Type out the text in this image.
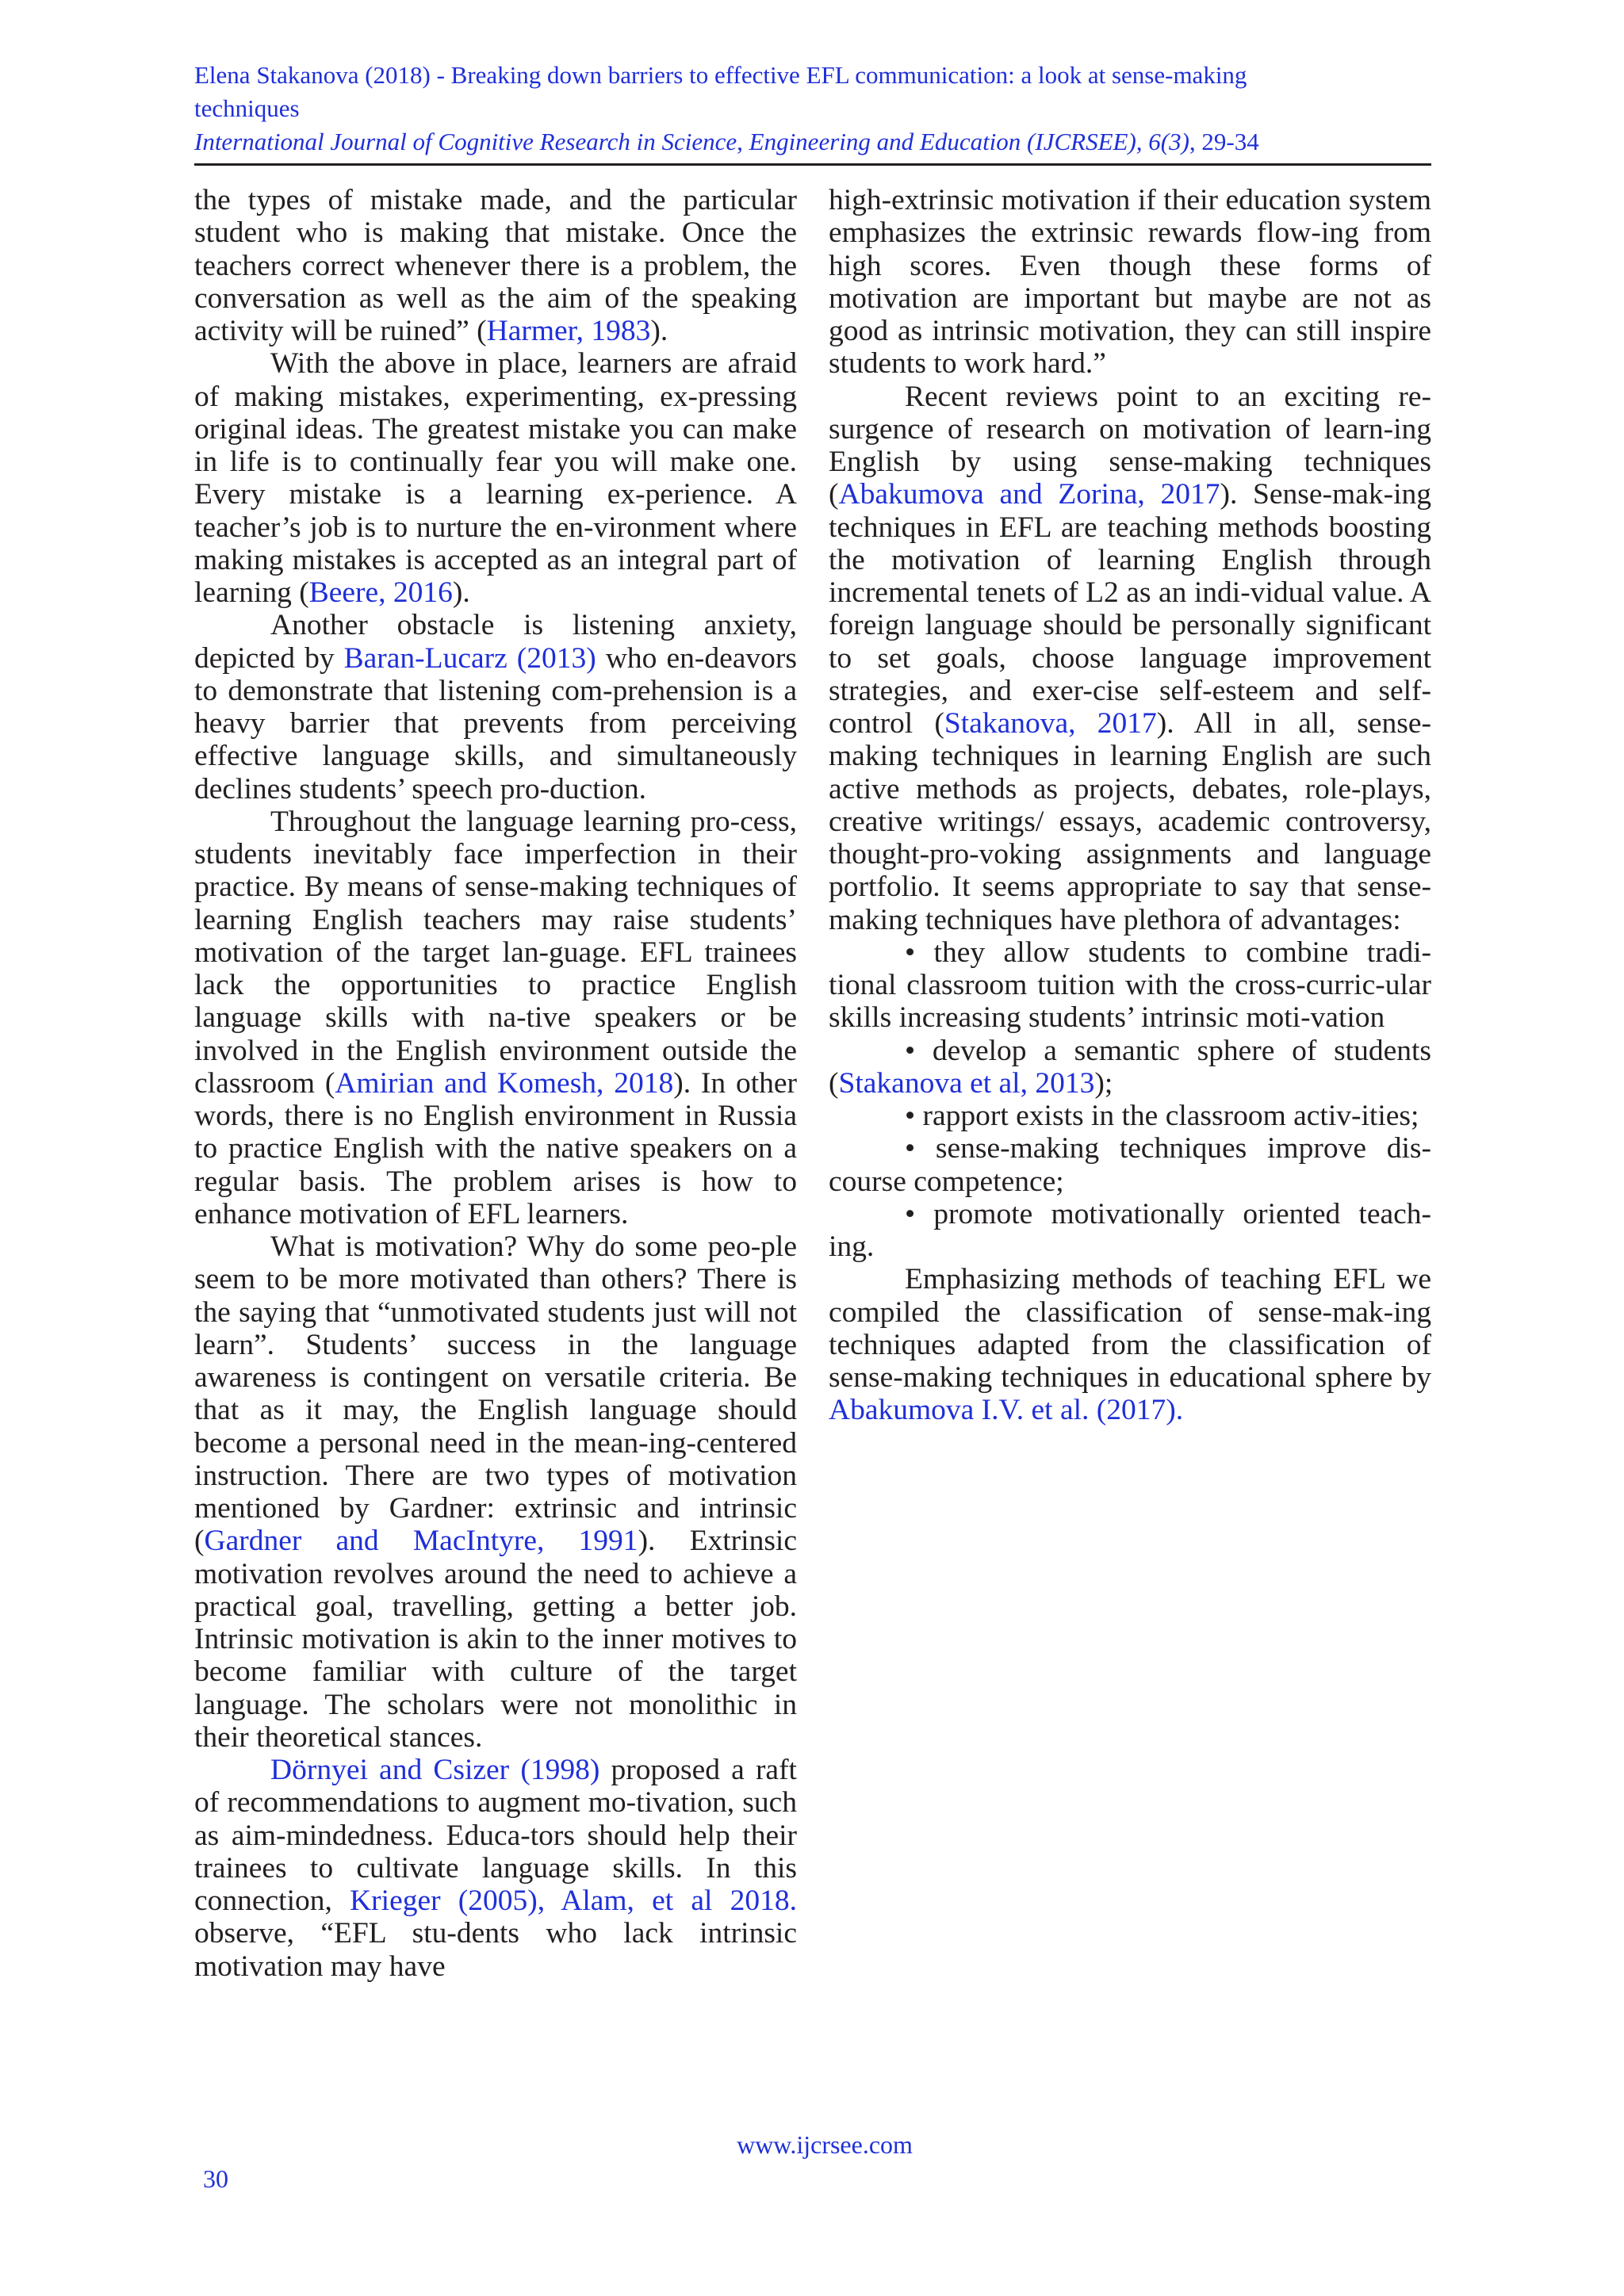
Elena Stakanova (2018) - Breaking down barriers to effective EFL communication: a look at sense-making
techniques
International Journal of Cognitive Research in Science, Engineering and Education (IJCRSEE), 6(3), 29-34

the types of mistake made, and the particular student who is making that mistake. Once the teachers correct whenever there is a problem, the conversation as well as the aim of the speaking activity will be ruined” (Harmer, 1983).

With the above in place, learners are afraid of making mistakes, experimenting, ex-pressing original ideas. The greatest mistake you can make in life is to continually fear you will make one. Every mistake is a learning ex-perience. A teacher’s job is to nurture the en-vironment where making mistakes is accepted as an integral part of learning (Beere, 2016).

Another obstacle is listening anxiety, depicted by Baran-Lucarz (2013) who en-deavors to demonstrate that listening com-prehension is a heavy barrier that prevents from perceiving effective language skills, and simultaneously declines students’ speech pro-duction.

Throughout the language learning pro-cess, students inevitably face imperfection in their practice. By means of sense-making techniques of learning English teachers may raise students’ motivation of the target lan-guage. EFL trainees lack the opportunities to practice English language skills with na-tive speakers or be involved in the English environment outside the classroom (Amirian and Komesh, 2018). In other words, there is no English environment in Russia to practice English with the native speakers on a regular basis. The problem arises is how to enhance motivation of EFL learners.

What is motivation? Why do some peo-ple seem to be more motivated than others? There is the saying that “unmotivated students just will not learn”. Students’ success in the language awareness is contingent on versatile criteria. Be that as it may, the English language should become a personal need in the mean-ing-centered instruction. There are two types of motivation mentioned by Gardner: extrinsic and intrinsic (Gardner and MacIntyre, 1991). Extrinsic motivation revolves around the need to achieve a practical goal, travelling, getting a better job. Intrinsic motivation is akin to the inner motives to become familiar with culture of the target language. The scholars were not monolithic in their theoretical stances.

Dörnyei and Csizer (1998) proposed a raft of recommendations to augment mo-tivation, such as aim-mindedness. Educa-tors should help their trainees to cultivate language skills. In this connection, Krieger (2005), Alam, et al 2018. observe, “EFL stu-dents who lack intrinsic motivation may have

high-extrinsic motivation if their education system emphasizes the extrinsic rewards flow-ing from high scores. Even though these forms of motivation are important but maybe are not as good as intrinsic motivation, they can still inspire students to work hard.”

Recent reviews point to an exciting re-surgence of research on motivation of learn-ing English by using sense-making techniques (Abakumova and Zorina, 2017). Sense-mak-ing techniques in EFL are teaching methods boosting the motivation of learning English through incremental tenets of L2 as an indi-vidual value. A foreign language should be personally significant to set goals, choose language improvement strategies, and exer-cise self-esteem and self-control (Stakanova, 2017). All in all, sense-making techniques in learning English are such active methods as projects, debates, role-plays, creative writings/ essays, academic controversy, thought-pro-voking assignments and language portfolio. It seems appropriate to say that sense-making techniques have plethora of advantages:

• they allow students to combine tradi-tional classroom tuition with the cross-curric-ular skills increasing students’ intrinsic moti-vation

• develop a semantic sphere of students (Stakanova et al, 2013);

• rapport exists in the classroom activ-ities;

• sense-making techniques improve dis-course competence;

• promote motivationally oriented teach-ing.

Emphasizing methods of teaching EFL we compiled the classification of sense-mak-ing techniques adapted from the classification of sense-making techniques in educational sphere by Abakumova I.V. et al. (2017).

www.ijcrsee.com
30
